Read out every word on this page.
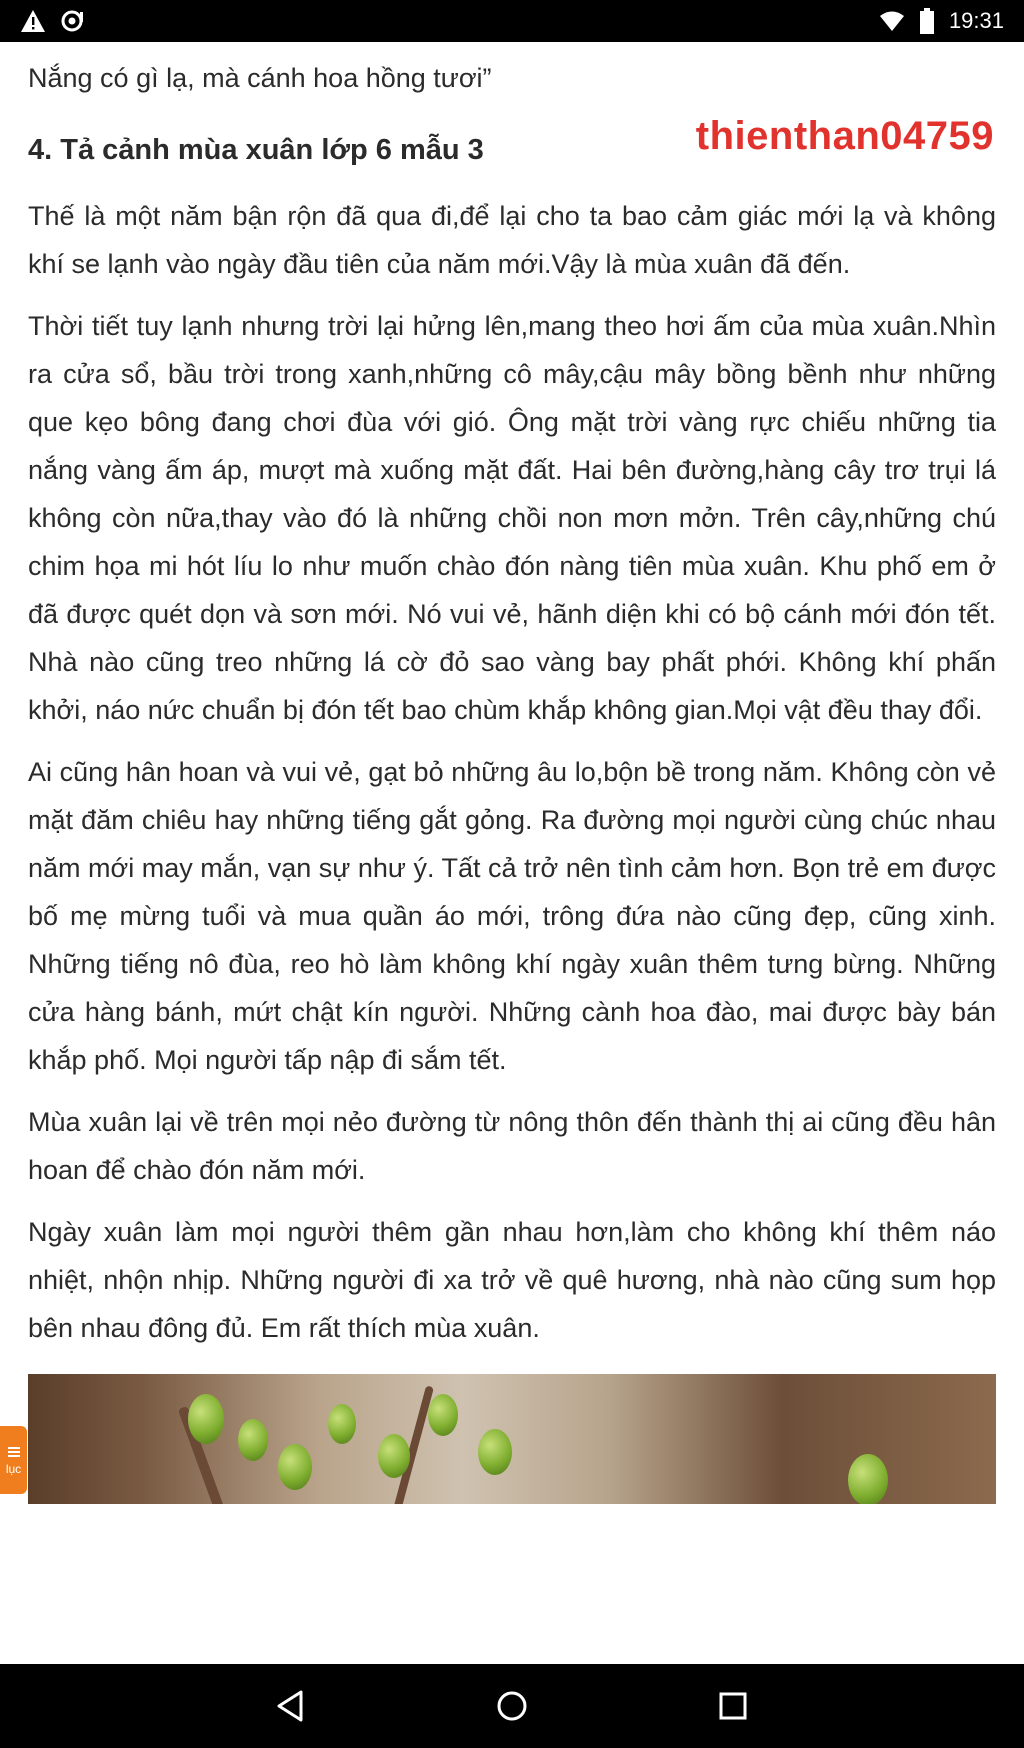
19:31

Nắng có gì lạ, mà cánh hoa hồng tươi”

4. Tả cảnh mùa xuân lớp 6 mẫu 3	thienthan04759

Thế là một năm bận rộn đã qua đi,để lại cho ta bao cảm giác mới lạ và không khí se lạnh vào ngày đầu tiên của năm mới.Vậy là mùa xuân đã đến.

Thời tiết tuy lạnh nhưng trời lại hửng lên,mang theo hơi ấm của mùa xuân.Nhìn ra cửa sổ, bầu trời trong xanh,những cô mây,cậu mây bồng bềnh như những que kẹo bông đang chơi đùa với gió. Ông mặt trời vàng rực chiếu những tia nắng vàng ấm áp, mượt mà xuống mặt đất. Hai bên đường,hàng cây trơ trụi lá không còn nữa,thay vào đó là những chồi non mơn mởn. Trên cây,những chú chim họa mi hót líu lo như muốn chào đón nàng tiên mùa xuân. Khu phố em ở đã được quét dọn và sơn mới. Nó vui vẻ, hãnh diện khi có bộ cánh mới đón tết. Nhà nào cũng treo những lá cờ đỏ sao vàng bay phất phới. Không khí phấn khởi, náo nức chuẩn bị đón tết bao chùm khắp không gian.Mọi vật đều thay đổi.

Ai cũng hân hoan và vui vẻ, gạt bỏ những âu lo,bộn bề trong năm. Không còn vẻ mặt đăm chiêu hay những tiếng gắt gỏng. Ra đường mọi người cùng chúc nhau năm mới may mắn, vạn sự như ý. Tất cả trở nên tình cảm hơn. Bọn trẻ em được bố mẹ mừng tuổi và mua quần áo mới, trông đứa nào cũng đẹp, cũng xinh. Những tiếng nô đùa, reo hò làm không khí ngày xuân thêm tưng bừng. Những cửa hàng bánh, mứt chật kín người. Những cành hoa đào, mai được bày bán khắp phố. Mọi người tấp nập đi sắm tết.

Mùa xuân lại về trên mọi nẻo đường từ nông thôn đến thành thị ai cũng đều hân hoan để chào đón năm mới.

Ngày xuân làm mọi người thêm gần nhau hơn,làm cho không khí thêm náo nhiệt, nhộn nhịp. Những người đi xa trở về quê hương, nhà nào cũng sum họp bên nhau đông đủ. Em rất thích mùa xuân.

lục
